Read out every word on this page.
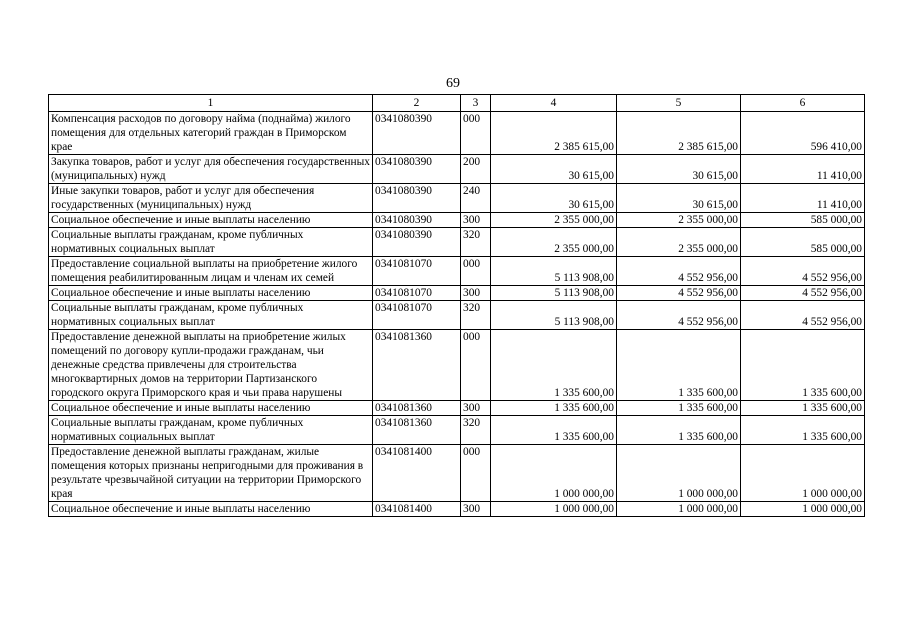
69
1	2	3	4	5	6
Компенсация расходов по договору найма (поднайма) жилого помещения для отдельных категорий граждан в Приморском крае	0341080390	000	2 385 615,00	2 385 615,00	596 410,00
Закупка товаров, работ и услуг для обеспечения государственных (муниципальных) нужд	0341080390	200	30 615,00	30 615,00	11 410,00
Иные закупки товаров, работ и услуг для обеспечения государственных (муниципальных) нужд	0341080390	240	30 615,00	30 615,00	11 410,00
Социальное обеспечение и иные выплаты населению	0341080390	300	2 355 000,00	2 355 000,00	585 000,00
Социальные выплаты гражданам, кроме публичных нормативных социальных выплат	0341080390	320	2 355 000,00	2 355 000,00	585 000,00
Предоставление социальной выплаты на приобретение жилого помещения реабилитированным лицам и членам их семей	0341081070	000	5 113 908,00	4 552 956,00	4 552 956,00
Социальное обеспечение и иные выплаты населению	0341081070	300	5 113 908,00	4 552 956,00	4 552 956,00
Социальные выплаты гражданам, кроме публичных нормативных социальных выплат	0341081070	320	5 113 908,00	4 552 956,00	4 552 956,00
Предоставление денежной выплаты на приобретение жилых помещений по договору купли-продажи гражданам, чьи денежные средства привлечены для строительства многоквартирных домов на территории Партизанского городского округа Приморского края и чьи права нарушены	0341081360	000	1 335 600,00	1 335 600,00	1 335 600,00
Социальное обеспечение и иные выплаты населению	0341081360	300	1 335 600,00	1 335 600,00	1 335 600,00
Социальные выплаты гражданам, кроме публичных нормативных социальных выплат	0341081360	320	1 335 600,00	1 335 600,00	1 335 600,00
Предоставление денежной выплаты гражданам, жилые помещения которых признаны непригодными для проживания в результате чрезвычайной ситуации на территории Приморского края	0341081400	000	1 000 000,00	1 000 000,00	1 000 000,00
Социальное обеспечение и иные выплаты населению	0341081400	300	1 000 000,00	1 000 000,00	1 000 000,00
